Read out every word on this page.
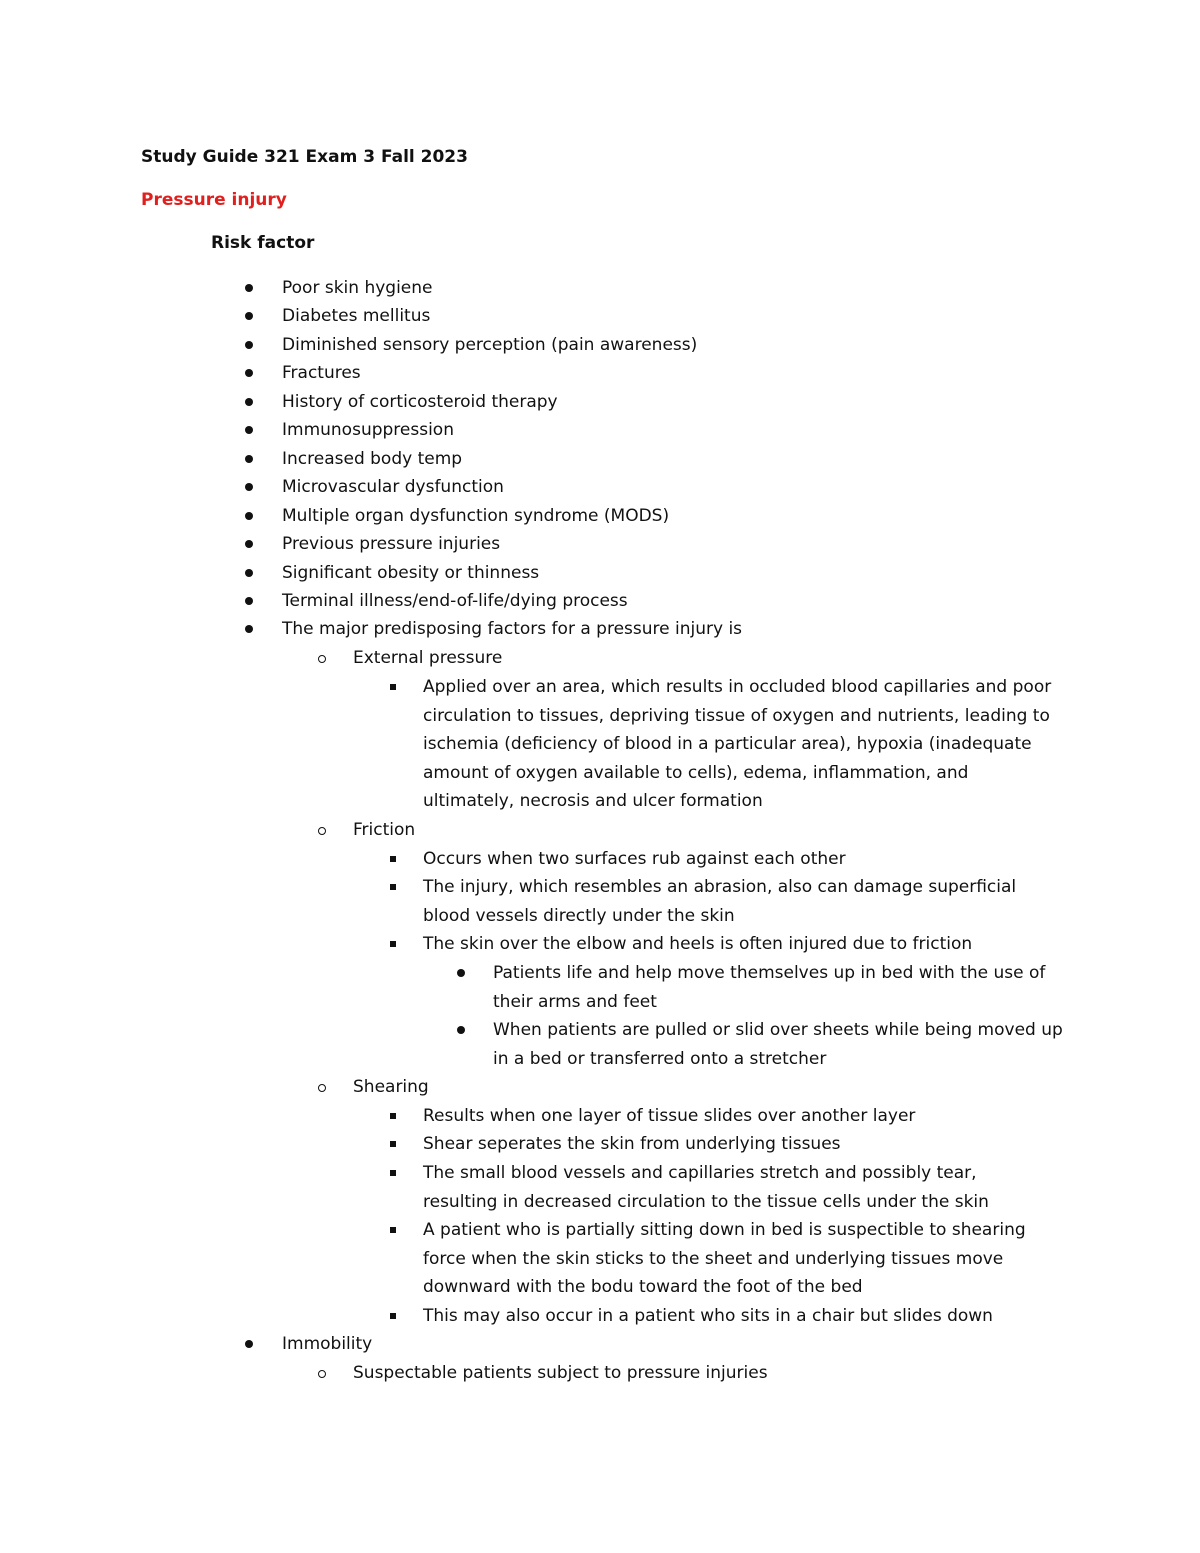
Study Guide 321 Exam 3 Fall 2023
Pressure injury
Risk factor
Poor skin hygiene
Diabetes mellitus
Diminished sensory perception (pain awareness)
Fractures
History of corticosteroid therapy
Immunosuppression
Increased body temp
Microvascular dysfunction
Multiple organ dysfunction syndrome (MODS)
Previous pressure injuries
Significant obesity or thinness
Terminal illness/end-of-life/dying process
The major predisposing factors for a pressure injury is
External pressure
Applied over an area, which results in occluded blood capillaries and poor circulation to tissues, depriving tissue of oxygen and nutrients, leading to ischemia (deficiency of blood in a particular area), hypoxia (inadequate amount of oxygen available to cells), edema, inflammation, and ultimately, necrosis and ulcer formation
Friction
Occurs when two surfaces rub against each other
The injury, which resembles an abrasion, also can damage superficial blood vessels directly under the skin
The skin over the elbow and heels is often injured due to friction
Patients life and help move themselves up in bed with the use of their arms and feet
When patients are pulled or slid over sheets while being moved up in a bed or transferred onto a stretcher
Shearing
Results when one layer of tissue slides over another layer
Shear seperates the skin from underlying tissues
The small blood vessels and capillaries stretch and possibly tear, resulting in decreased circulation to the tissue cells under the skin
A patient who is partially sitting down in bed is suspectible to shearing force when the skin sticks to the sheet and underlying tissues move downward with the bodu toward the foot of the bed
This may also occur in a patient who sits in a chair but slides down
Immobility
Suspectable patients subject to pressure injuries
